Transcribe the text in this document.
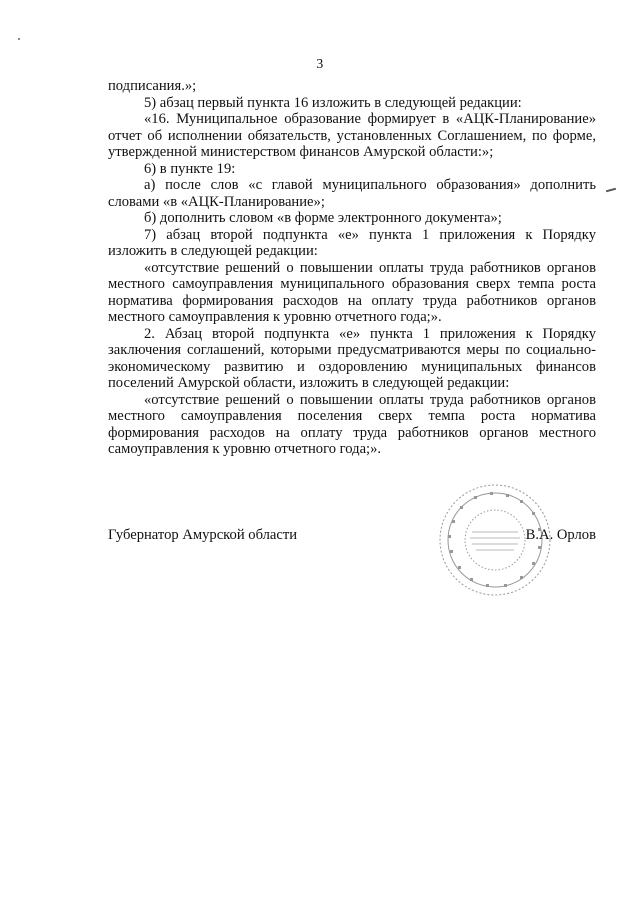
3

подписания.»;

5) абзац первый пункта 16 изложить в следующей редакции:

«16. Муниципальное образование формирует в «АЦК-Планирование» отчет об исполнении обязательств, установленных Соглашением, по форме, утвержденной министерством финансов Амурской области:»;

6) в пункте 19:

а) после слов «с главой муниципального образования» дополнить словами «в «АЦК-Планирование»;

б) дополнить словом «в форме электронного документа»;

7) абзац второй подпункта «е» пункта 1 приложения к Порядку изложить в следующей редакции:

«отсутствие решений о повышении оплаты труда работников органов местного самоуправления муниципального образования сверх темпа роста норматива формирования расходов на оплату труда работников органов местного самоуправления к уровню отчетного года;».

2. Абзац второй подпункта «е» пункта 1 приложения к Порядку заключения соглашений, которыми предусматриваются меры по социально-экономическому развитию и оздоровлению муниципальных финансов поселений Амурской области, изложить в следующей редакции:

«отсутствие решений о повышении оплаты труда работников органов местного самоуправления поселения сверх темпа роста норматива формирования расходов на оплату труда работников органов местного самоуправления к уровню отчетного года;».

Губернатор Амурской области	В.А. Орлов
